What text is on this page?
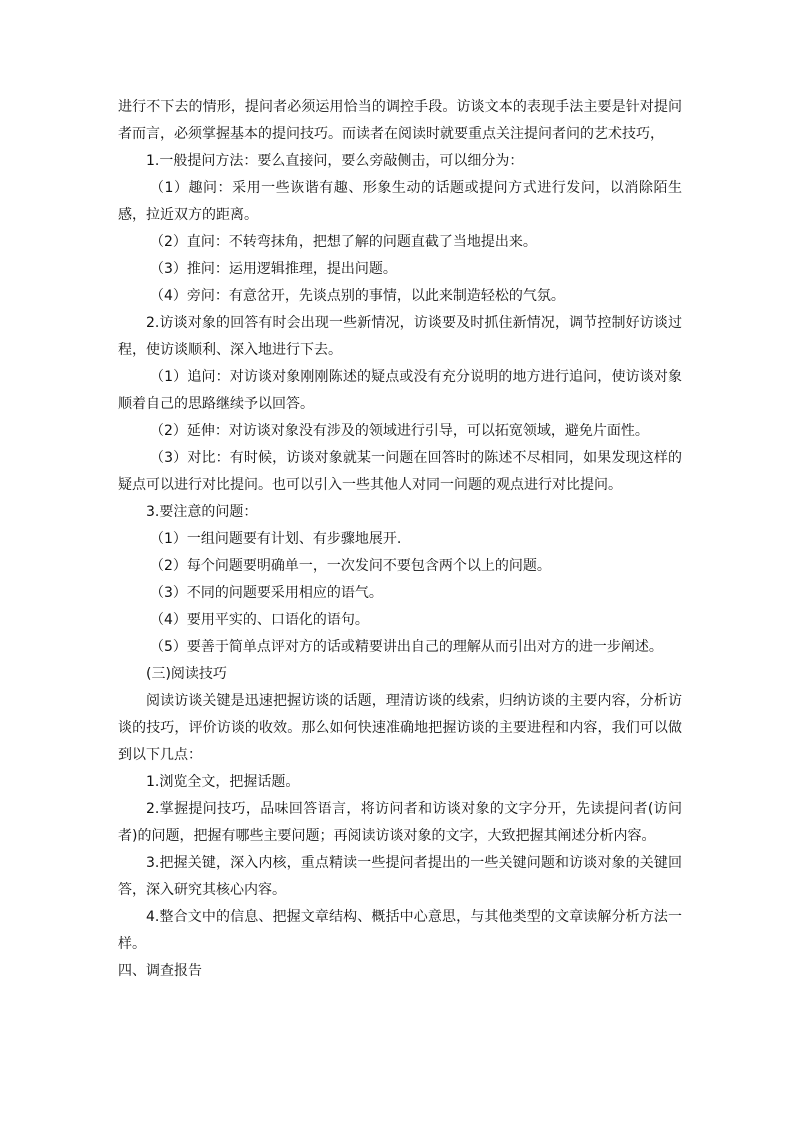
进行不下去的情形，提问者必须运用恰当的调控手段。访谈文本的表现手法主要是针对提问者而言，必须掌握基本的提问技巧。而读者在阅读时就要重点关注提问者问的艺术技巧，

1.一般提问方法：要么直接问，要么旁敲侧击，可以细分为：

（1）趣问：采用一些诙谐有趣、形象生动的话题或提问方式进行发问，以消除陌生感，拉近双方的距离。

（2）直问：不转弯抹角，把想了解的问题直截了当地提出来。

（3）推问：运用逻辑推理，提出问题。

（4）旁问：有意岔开，先谈点别的事情，以此来制造轻松的气氛。

2.访谈对象的回答有时会出现一些新情况，访谈要及时抓住新情况，调节控制好访谈过程，使访谈顺利、深入地进行下去。

（1）追问：对访谈对象刚刚陈述的疑点或没有充分说明的地方进行追问，使访谈对象顺着自己的思路继续予以回答。

（2）延伸：对访谈对象没有涉及的领域进行引导，可以拓宽领域，避免片面性。

（3）对比：有时候，访谈对象就某一问题在回答时的陈述不尽相同，如果发现这样的疑点可以进行对比提问。也可以引入一些其他人对同一问题的观点进行对比提问。

3.要注意的问题：

（1）一组问题要有计划、有步骤地展开.

（2）每个问题要明确单一，一次发问不要包含两个以上的问题。

（3）不同的问题要采用相应的语气。

（4）要用平实的、口语化的语句。

（5）要善于简单点评对方的话或精要讲出自己的理解从而引出对方的进一步阐述。

(三)阅读技巧

阅读访谈关键是迅速把握访谈的话题，理清访谈的线索，归纳访谈的主要内容，分析访谈的技巧，评价访谈的收效。那么如何快速准确地把握访谈的主要进程和内容，我们可以做到以下几点：

1.浏览全文，把握话题。

2.掌握提问技巧，品味回答语言，将访问者和访谈对象的文字分开，先读提问者(访问者)的问题，把握有哪些主要问题；再阅读访谈对象的文字，大致把握其阐述分析内容。

3.把握关键，深入内核，重点精读一些提问者提出的一些关键问题和访谈对象的关键回答，深入研究其核心内容。

4.整合文中的信息、把握文章结构、概括中心意思，与其他类型的文章读解分析方法一样。

四、调查报告
